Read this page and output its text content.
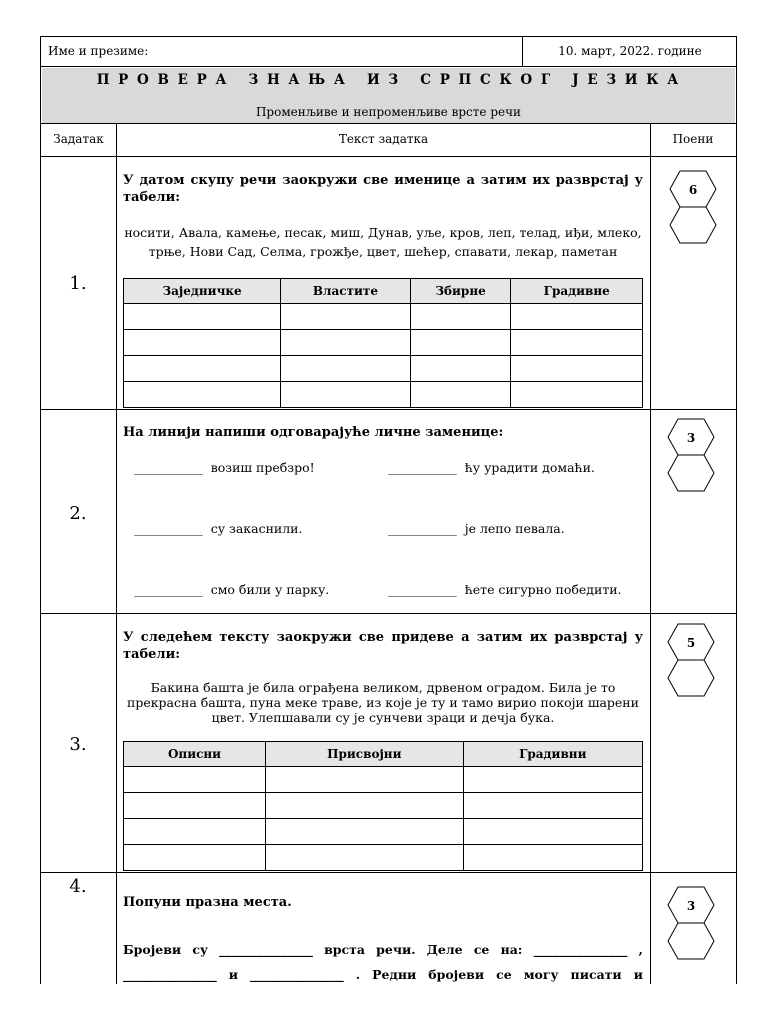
Име и презиме:	10. март, 2022. године
П Р О В Е Р А   З Н А Њ А   И З   С Р П С К О Г   Ј Е З И К А
Променљиве и непроменљиве врсте речи
Задатак	Текст задатка	Поени
1.
У датом скупу речи заокружи све именице а затим их разврстај у табели:
носити, Авала, камење, песак, миш, Дунав, уље, кров, леп, телад, иђи, млеко,
трње, Нови Сад, Селма, грожђе, цвет, шећер, спавати, лекар, паметан
Заједничке	Властите	Збирне	Градивне

6
2.
На линији напиши одговарајуће личне заменице:
___________ возиш пребзро!	___________ ћу урадити домаћи.
___________ су закаснили.	___________ је лепо певала.
___________ смо били у парку.	___________ ћете сигурно победити.
3
3.
У следећем тексту заокружи све придеве а затим их разврстај у табели:
Бакина башта је била ограђена великом, дрвеном оградом. Била је то
прекрасна башта, пуна меке траве, из које је ту и тамо вирио покоји шарени
цвет. Улепшавали су је сунчеви зраци и дечја бука.
Описни	Присвојни	Градивни

5
4.
Попуни празна места.
Бројеви су _______________ врста речи. Деле се на: _______________ ,
_______________ и _______________ . Редни бројеви се могу писати и
3
